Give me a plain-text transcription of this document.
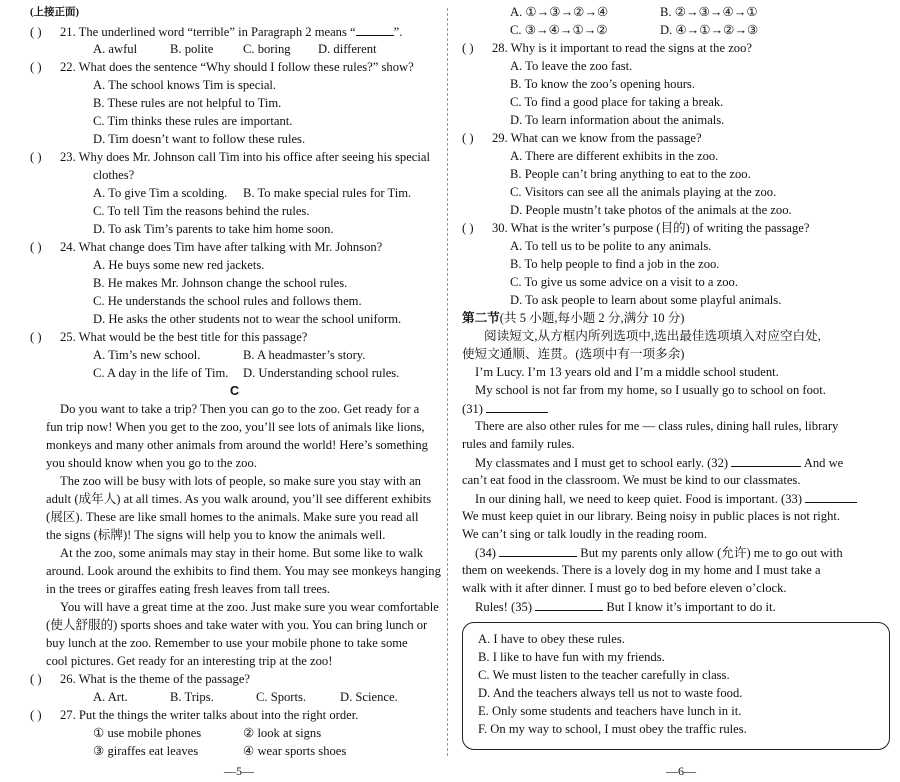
(上接正面)
( ) 21. The underlined word “terrible” in Paragraph 2 means “	”.
A. awful	B. polite C. boring D. different
( ) 22. What does the sentence “Why should I follow these rules?” show?
A. The school knows Tim is special.
B. These rules are not helpful to Tim.
C. Tim thinks these rules are important.
D. Tim doesn’t want to follow these rules.
( ) 23. Why does Mr. Johnson call Tim into his office after seeing his special
clothes?
A. To give Tim a scolding. B. To make special rules for Tim.
C. To tell Tim the reasons behind the rules.
D. To ask Tim’s parents to take him home soon.
( ) 24. What change does Tim have after talking with Mr. Johnson?
A. He buys some new red jackets.
B. He makes Mr. Johnson change the school rules.
C. He understands the school rules and follows them.
D. He asks the other students not to wear the school uniform.
( ) 25. What would be the best title for this passage?
A. Tim’s new school.	B. A headmaster’s story.
C. A day in the life of Tim. D. Understanding school rules.
C
Do you want to take a trip? Then you can go to the zoo. Get ready for a
fun trip now! When you get to the zoo, you’ll see lots of animals like lions,
monkeys and many other animals from around the world! Here’s something
you should know when you go to the zoo.
The zoo will be busy with lots of people, so make sure you stay with an
adult (成年人) at all times. As you walk around, you’ll see different exhibits
(展区). These are like small homes to the animals. Make sure you read all
the signs (标牌)! The signs will help you to know the animals well.
At the zoo, some animals may stay in their home. But some like to walk
around. Look around the exhibits to find them. You may see monkeys hanging
in the trees or giraffes eating fresh leaves from tall trees.
You will have a great time at the zoo. Just make sure you wear comfortable
(使人舒服的) sports shoes and take water with you. You can bring lunch or
buy lunch at the zoo. Remember to use your mobile phone to take some
cool pictures. Get ready for an interesting trip at the zoo!
( ) 26. What is the theme of the passage?
A. Art.	B. Trips.	C. Sports.	D. Science.
( ) 27. Put the things the writer talks about into the right order.
① use mobile phones	② look at signs
③ giraffes eat leaves	④ wear sports shoes
—5—
A. ①→③→②→④	B. ②→③→④→①
C. ③→④→①→②	D. ④→①→②→③
( ) 28. Why is it important to read the signs at the zoo?
A. To leave the zoo fast.
B. To know the zoo’s opening hours.
C. To find a good place for taking a break.
D. To learn information about the animals.
( ) 29. What can we know from the passage?
A. There are different exhibits in the zoo.
B. People can’t bring anything to eat to the zoo.
C. Visitors can see all the animals playing at the zoo.
D. People mustn’t take photos of the animals at the zoo.
( ) 30. What is the writer’s purpose (目的) of writing the passage?
A. To tell us to be polite to any animals.
B. To help people to find a job in the zoo.
C. To give us some advice on a visit to a zoo.
D. To ask people to learn about some playful animals.
第二节(共 5 小题,每小题 2 分,满分 10 分)
阅读短文,从方框内所列选项中,选出最佳选项填入对应空白处,
使短文通顺、连贯。(选项中有一项多余)
I’m Lucy. I’m 13 years old and I’m a middle school student.
My school is not far from my home, so I usually go to school on foot.
(31)
There are also other rules for me — class rules, dining hall rules, library
rules and family rules.
My classmates and I must get to school early. (32)	And we
can’t eat food in the classroom. We must be kind to our classmates.
In our dining hall, we need to keep quiet. Food is important. (33)
We must keep quiet in our library. Being noisy in public places is not right.
We can’t sing or talk loudly in the reading room.
(34)	But my parents only allow (允许) me to go out with
them on weekends. There is a lovely dog in my home and I must take a
walk with it after dinner. I must go to bed before eleven o’clock.
Rules! (35)	But I know it’s important to do it.
A. I have to obey these rules.
B. I like to have fun with my friends.
C. We must listen to the teacher carefully in class.
D. And the teachers always tell us not to waste food.
E. Only some students and teachers have lunch in it.
F. On my way to school, I must obey the traffic rules.
—6—
